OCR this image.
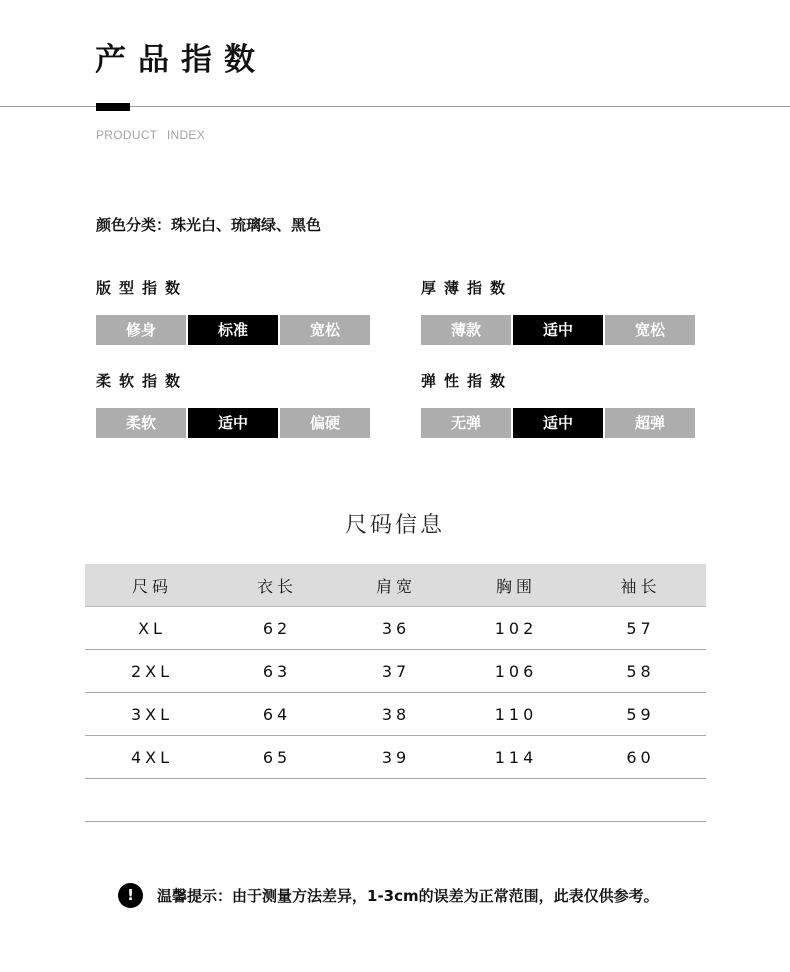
产品指数
PRODUCT INDEX
颜色分类：珠光白、琉璃绿、黑色
版型指数
修身	标准	宽松
厚薄指数
薄款	适中	宽松
柔软指数
柔软	适中	偏硬
弹性指数
无弹	适中	超弹
尺码信息
尺码	衣长	肩宽	胸围	袖长
XL	62	36	102	57
2XL	63	37	106	58
3XL	64	38	110	59
4XL	65	39	114	60
!	温馨提示：由于测量方法差异，1-3cm的误差为正常范围，此表仅供参考。
